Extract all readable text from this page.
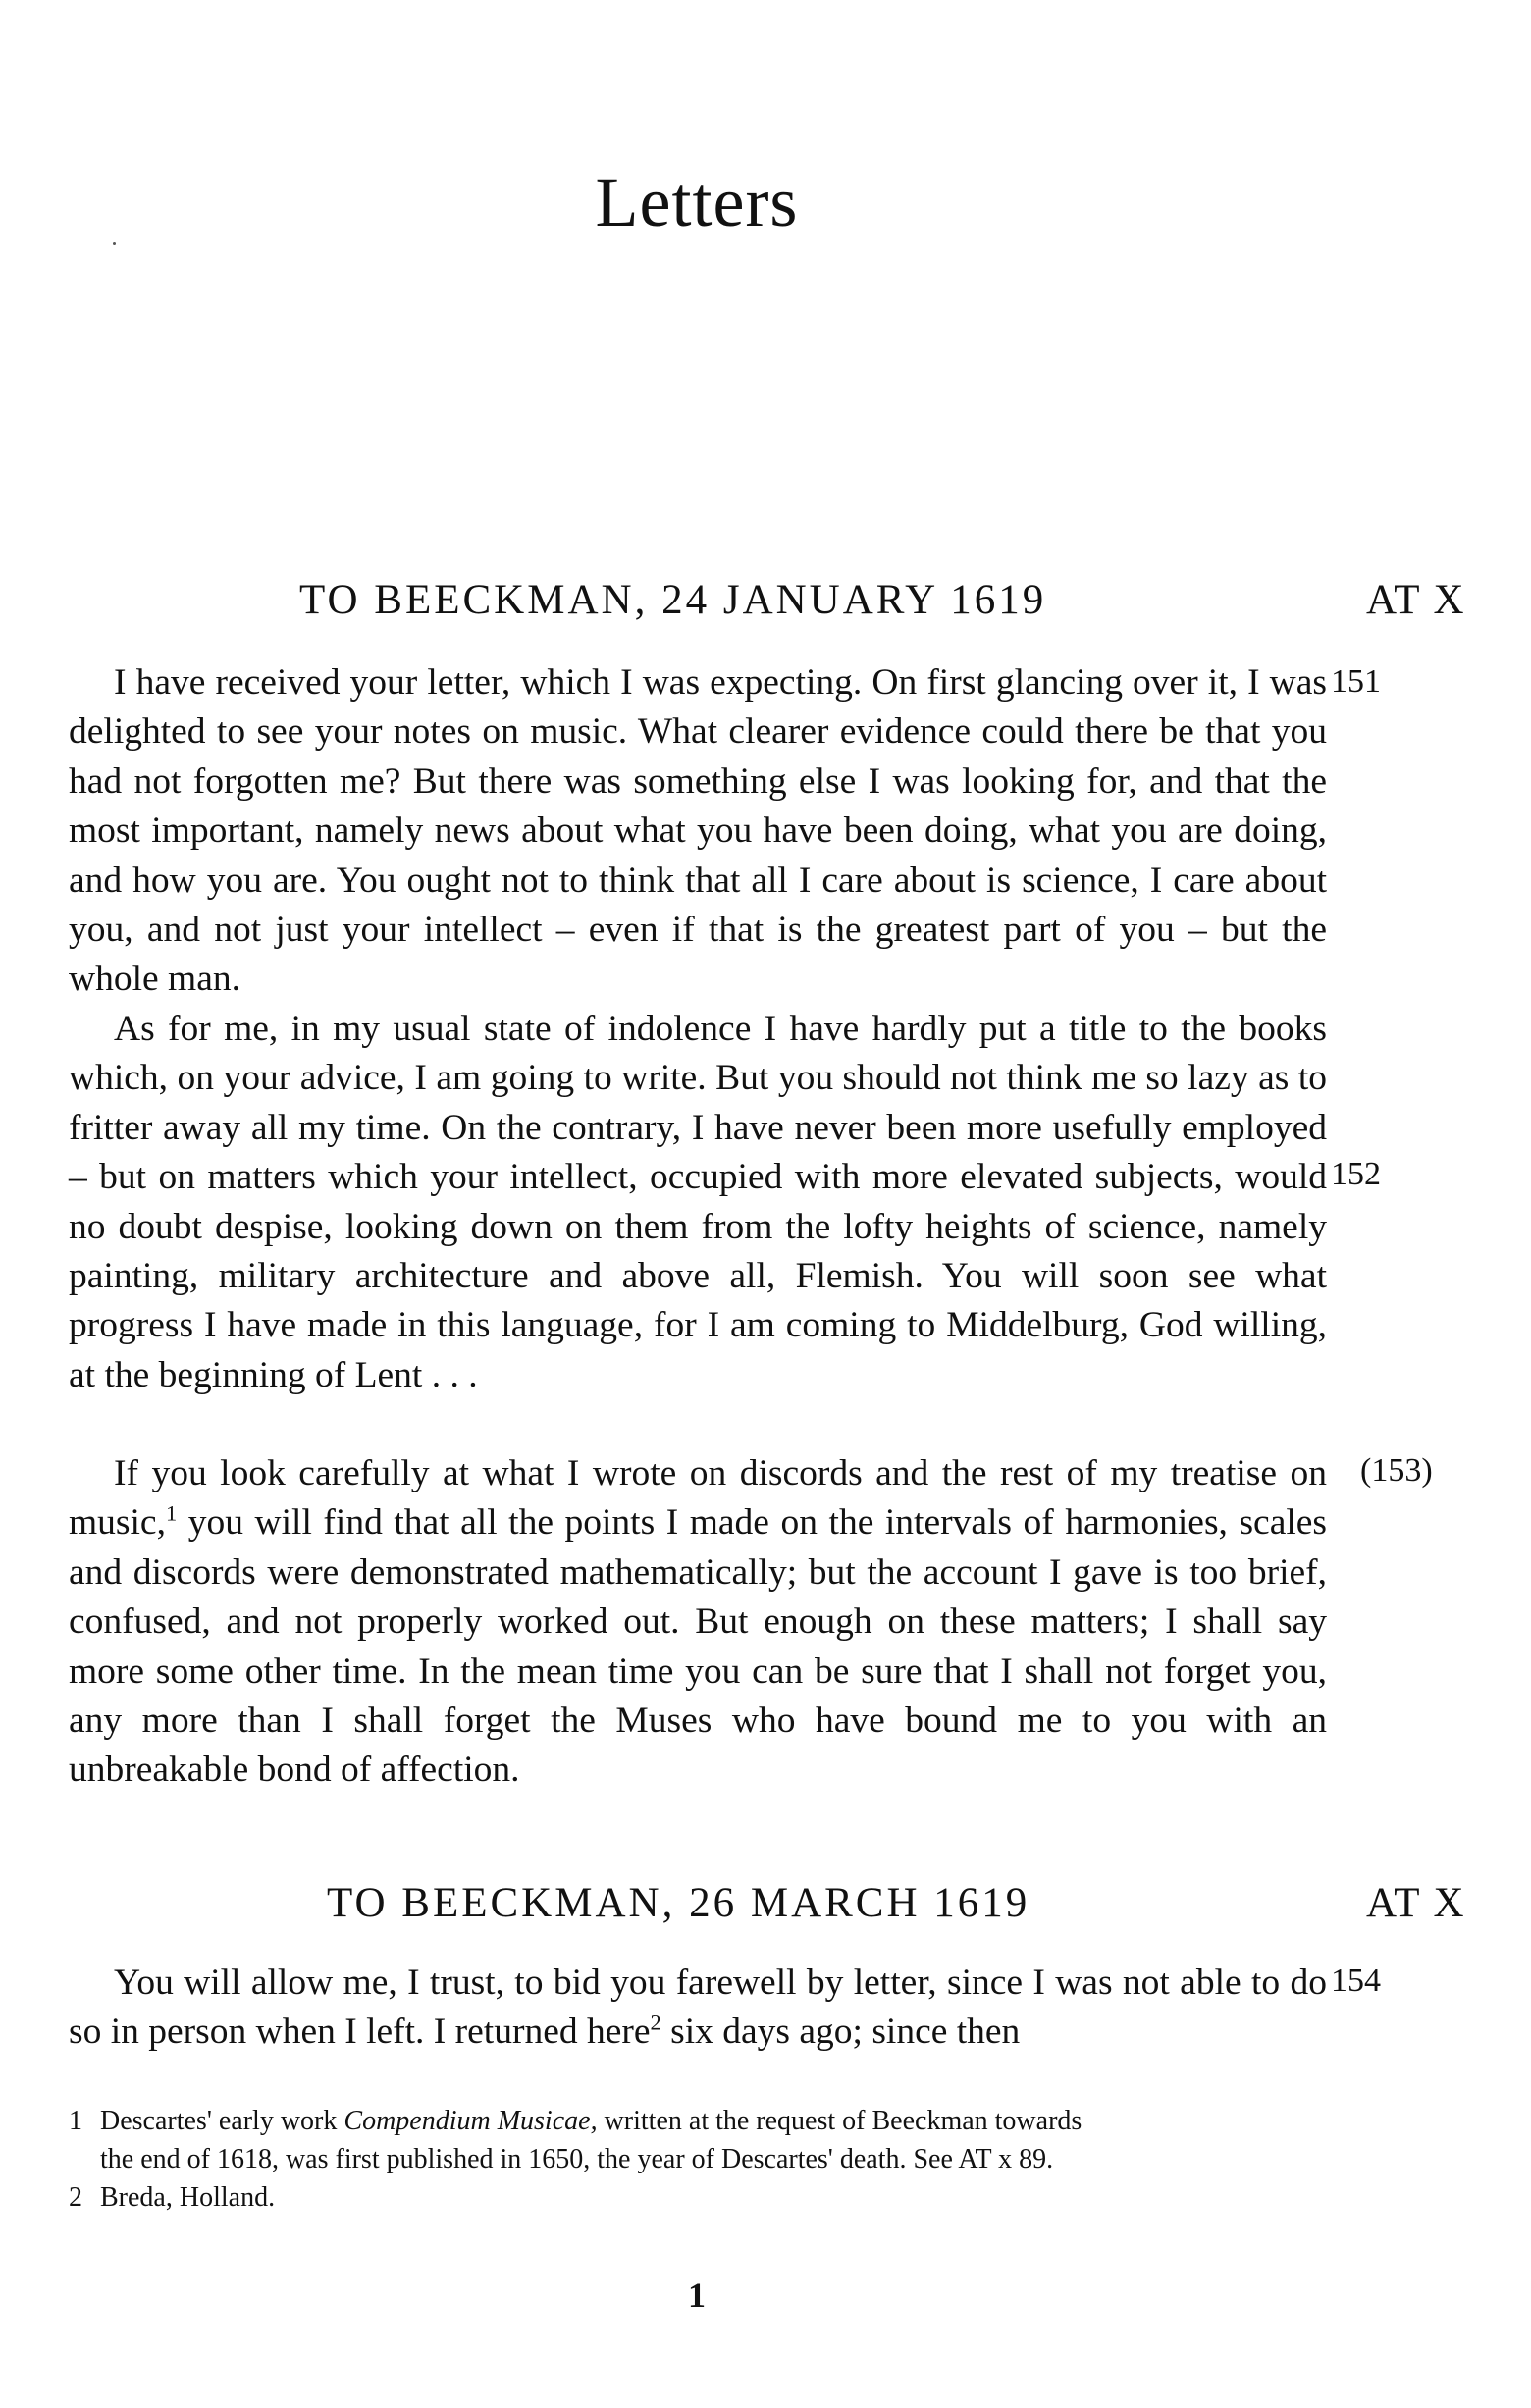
Letters
TO BEECKMAN, 24 JANUARY 1619	AT X

I have received your letter, which I was expecting. On first glancing over it, I was delighted to see your notes on music. What clearer evidence could there be that you had not forgotten me? But there was something else I was looking for, and that the most important, namely news about what you have been doing, what you are doing, and how you are. You ought not to think that all I care about is science, I care about you, and not just your intellect – even if that is the greatest part of you – but the whole man.

As for me, in my usual state of indolence I have hardly put a title to the books which, on your advice, I am going to write. But you should not think me so lazy as to fritter away all my time. On the contrary, I have never been more usefully employed – but on matters which your intellect, occupied with more elevated subjects, would no doubt despise, looking down on them from the lofty heights of science, namely painting, military architecture and above all, Flemish. You will soon see what progress I have made in this language, for I am coming to Middelburg, God willing, at the beginning of Lent . . .

If you look carefully at what I wrote on discords and the rest of my treatise on music,$^1$ you will find that all the points I made on the intervals of harmonies, scales and discords were demonstrated mathematically; but the account I gave is too brief, confused, and not properly worked out. But enough on these matters; I shall say more some other time. In the mean time you can be sure that I shall not forget you, any more than I shall forget the Muses who have bound me to you with an unbreakable bond of affection.

151
152
(153)
TO BEECKMAN, 26 MARCH 1619	AT X

You will allow me, I trust, to bid you farewell by letter, since I was not able to do so in person when I left. I returned here$^2$ six days ago; since then

154
1 Descartes' early work Compendium Musicae, written at the request of Beeckman towards
the end of 1618, was first published in 1650, the year of Descartes' death. See AT x 89.
2 Breda, Holland.
1
